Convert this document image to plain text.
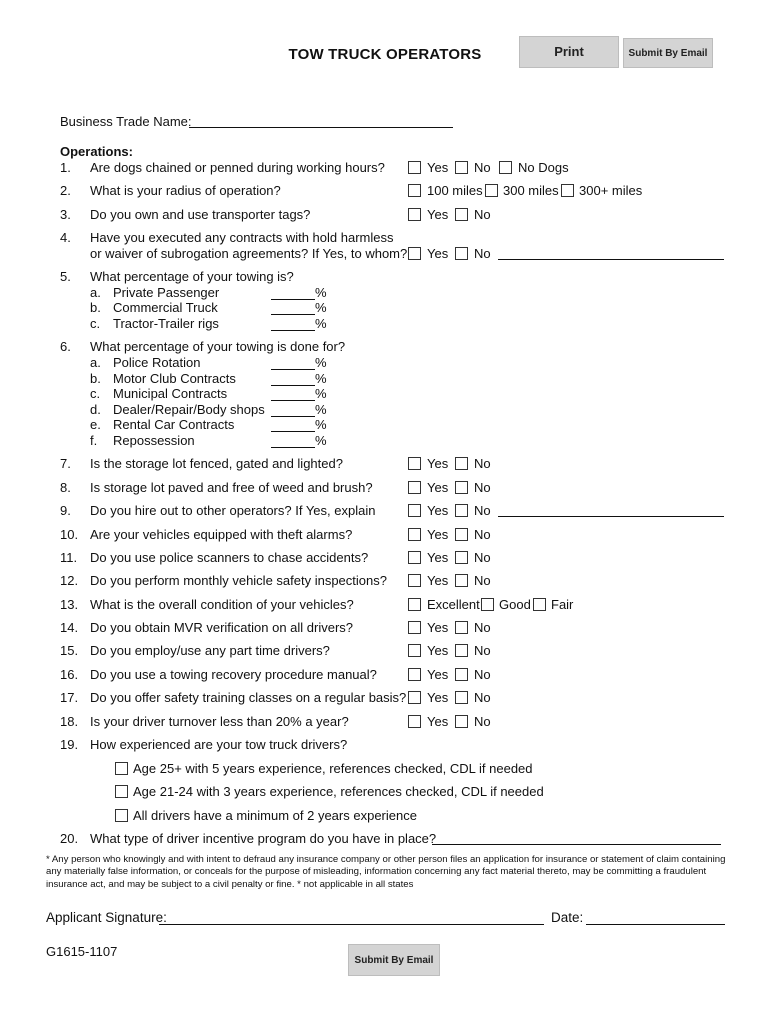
TOW TRUCK OPERATORS	Print	Submit By Email
Business Trade Name:
Operations:
1.	Are dogs chained or penned during working hours?	Yes No No Dogs
2.	What is your radius of operation?	100 miles 300 miles 300+ miles
3.	Do you own and use transporter tags?	Yes No
4.	Have you executed any contracts with hold harmless
or waiver of subrogation agreements? If Yes, to whom? Yes No
5.	What percentage of your towing is?
a. Private Passenger	%
b. Commercial Truck	%
c. Tractor-Trailer rigs	%
6.	What percentage of your towing is done for?
a. Police Rotation	%
b. Motor Club Contracts	%
c. Municipal Contracts	%
d. Dealer/Repair/Body shops	%
e. Rental Car Contracts	%
f. Repossession	%
7.	Is the storage lot fenced, gated and lighted?	Yes No
8.	Is storage lot paved and free of weed and brush?	Yes No
9.	Do you hire out to other operators? If Yes, explain	Yes No
10. Are your vehicles equipped with theft alarms?	Yes No
11. Do you use police scanners to chase accidents?	Yes No
12. Do you perform monthly vehicle safety inspections?	Yes No
13. What is the overall condition of your vehicles?	Excellent Good Fair
14. Do you obtain MVR verification on all drivers?	Yes No
15. Do you employ/use any part time drivers?	Yes No
16. Do you use a towing recovery procedure manual?	Yes No
17. Do you offer safety training classes on a regular basis? Yes No
18. Is your driver turnover less than 20% a year?	Yes No
19. How experienced are your tow truck drivers?
Age 25+ with 5 years experience, references checked, CDL if needed
Age 21-24 with 3 years experience, references checked, CDL if needed
All drivers have a minimum of 2 years experience
20. What type of driver incentive program do you have in place?
* Any person who knowingly and with intent to defraud any insurance company or other person files an application for insurance or statement of claim containing any materially false information, or conceals for the purpose of misleading, information concerning any fact material thereto, may be committing a fraudulent insurance act, and may be subject to a civil penalty or fine. * not applicable in all states
Applicant Signature:	Date:
G1615-1107
Submit By Email
